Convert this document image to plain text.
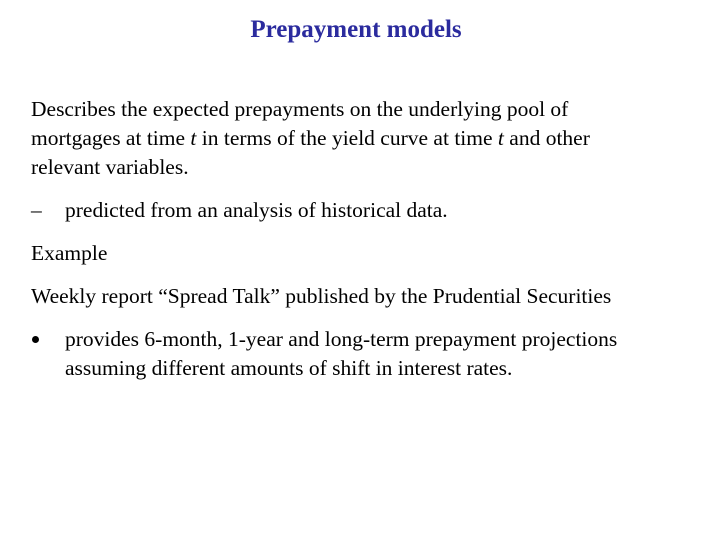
Prepayment models
Describes the expected prepayments on the underlying pool of
mortgages at time t in terms of the yield curve at time t and other
relevant variables.
–	predicted from an analysis of historical data.
Example
Weekly report “Spread Talk” published by the Prudential Securities
provides 6-month, 1-year and long-term prepayment projections
assuming different amounts of shift in interest rates.
